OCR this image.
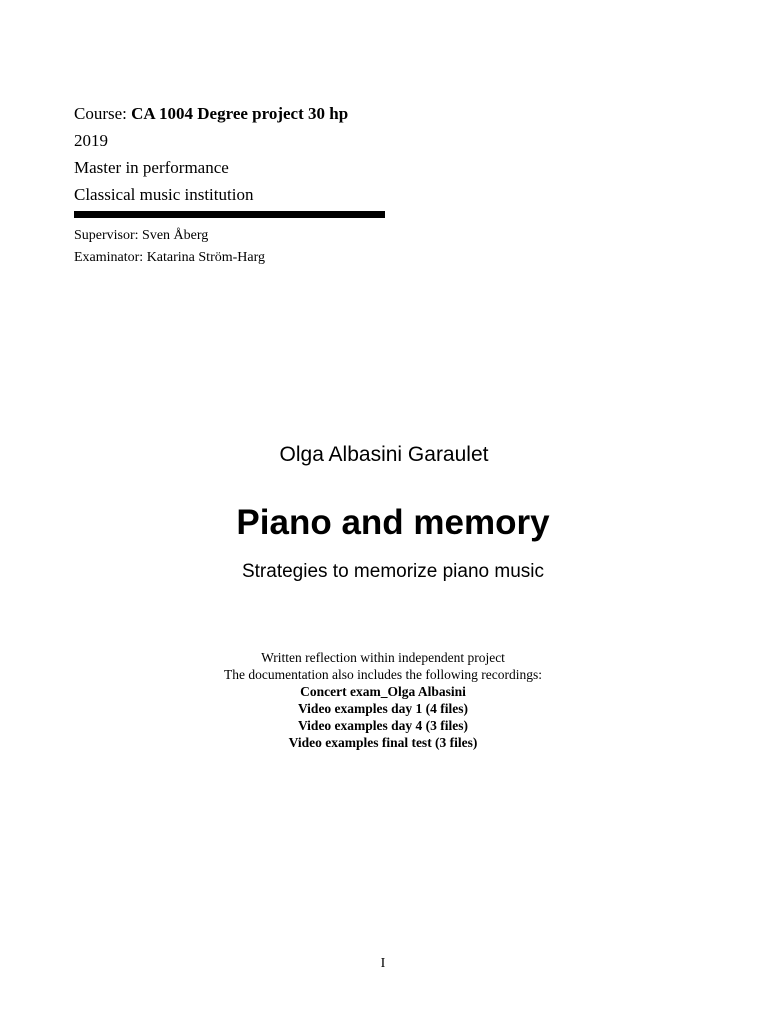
Course: CA 1004 Degree project 30 hp
2019
Master in performance
Classical music institution
Supervisor: Sven Åberg
Examinator: Katarina Ström-Harg
Olga Albasini Garaulet
Piano and memory
Strategies to memorize piano music
Written reflection within independent project
The documentation also includes the following recordings:
Concert exam_Olga Albasini
Video examples day 1 (4 files)
Video examples day 4 (3 files)
Video examples final test (3 files)
I
